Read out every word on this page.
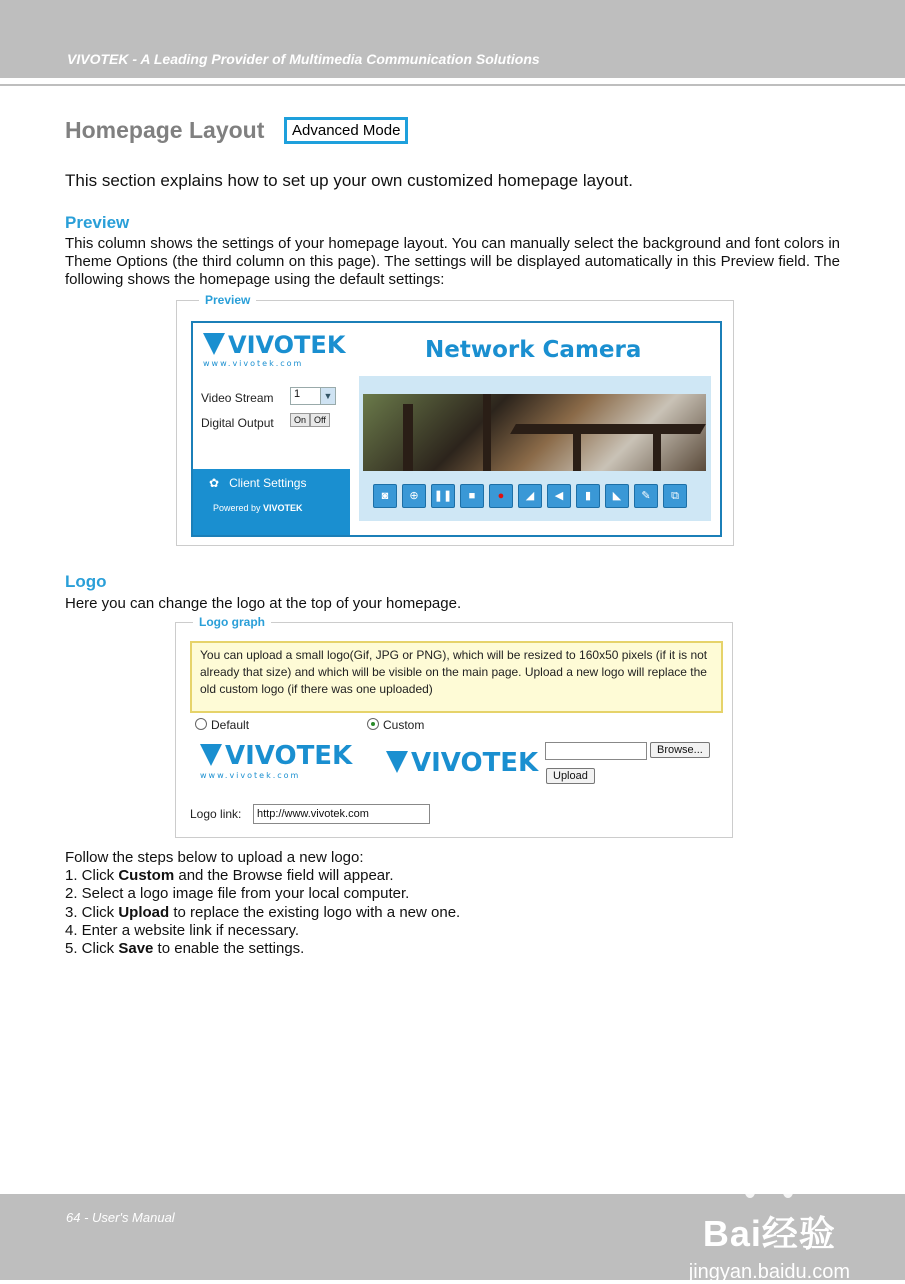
VIVOTEK - A Leading Provider of Multimedia Communication Solutions
Homepage Layout	Advanced Mode
This section explains how to set up your own customized homepage layout.
Preview
This column shows the settings of your homepage layout. You can manually select the background and font colors in Theme Options (the third column on this page). The settings will be displayed automatically in this Preview field. The following shows the homepage using the default settings:
Preview
VIVOTEK
www.vivotek.com
Network Camera
Video Stream	1	▼
Digital Output	On Off
✿ Client Settings
Powered by VIVOTEK
◙	⊕	❚❚	■	●	◢	◀	▮	◣	✎	⧉
Logo
Here you can change the logo at the top of your homepage.
Logo graph
You can upload a small logo(Gif, JPG or PNG), which will be resized to 160x50 pixels (if it is not already that size) and which will be visible on the main page. Upload a new logo will replace the old custom logo (if there was one uploaded)
Default	Custom
VIVOTEK
www.vivotek.com	VIVOTEK	Browse...
Upload
Logo link:	http://www.vivotek.com
Follow the steps below to upload a new logo:
1. Click Custom and the Browse field will appear.
2. Select a logo image file from your local computer.
3. Click Upload to replace the existing logo with a new one.
4. Enter a website link if necessary.
5. Click Save to enable the settings.
64 - User's Manual	Bai经验
jingyan.baidu.com
